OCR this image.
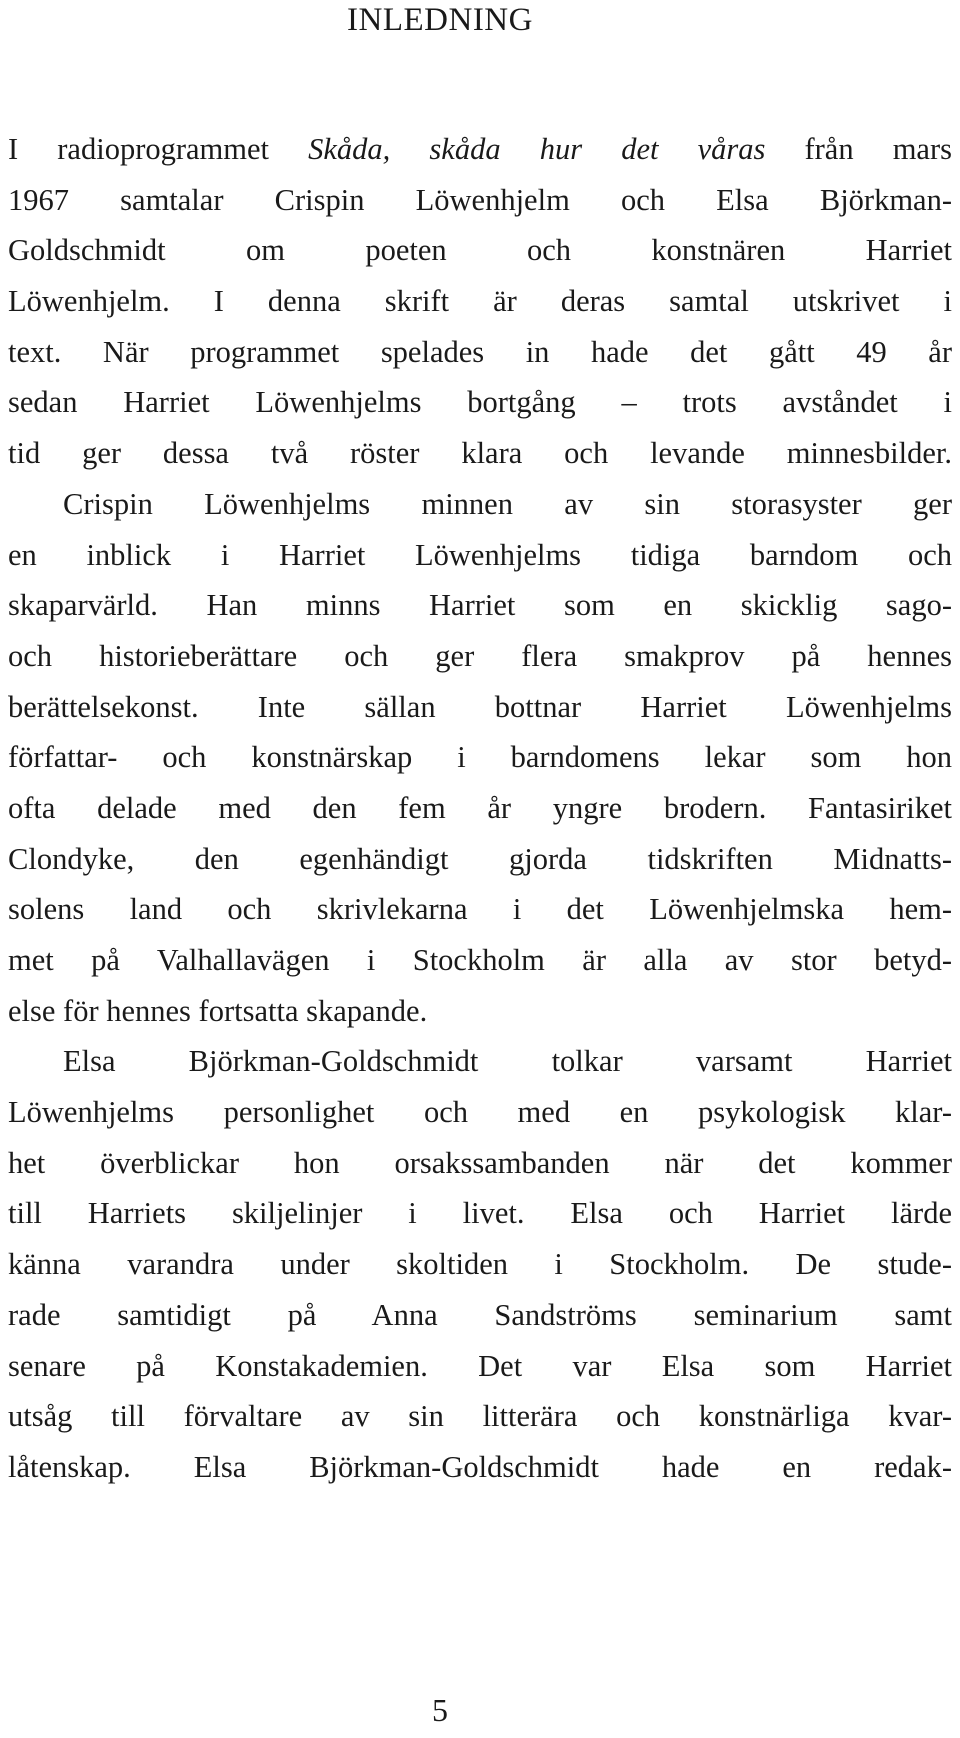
INLEDNING
I radioprogrammet Skåda, skåda hur det våras från mars
1967 samtalar Crispin Löwenhjelm och Elsa Björkman-
Goldschmidt om poeten och konstnären Harriet
Löwenhjelm. I denna skrift är deras samtal utskrivet i
text. När programmet spelades in hade det gått 49 år
sedan Harriet Löwenhjelms bortgång – trots avståndet i
tid ger dessa två röster klara och levande minnesbilder.
Crispin Löwenhjelms minnen av sin storasyster ger
en inblick i Harriet Löwenhjelms tidiga barndom och
skaparvärld. Han minns Harriet som en skicklig sago-
och historieberättare och ger flera smakprov på hennes
berättelsekonst. Inte sällan bottnar Harriet Löwenhjelms
författar- och konstnärskap i barndomens lekar som hon
ofta delade med den fem år yngre brodern. Fantasiriket
Clondyke, den egenhändigt gjorda tidskriften Midnatts-
solens land och skrivlekarna i det Löwenhjelmska hem-
met på Valhallavägen i Stockholm är alla av stor betyd-
else för hennes fortsatta skapande.
Elsa Björkman-Goldschmidt tolkar varsamt Harriet
Löwenhjelms personlighet och med en psykologisk klar-
het överblickar hon orsakssambanden när det kommer
till Harriets skiljelinjer i livet. Elsa och Harriet lärde
känna varandra under skoltiden i Stockholm. De stude-
rade samtidigt på Anna Sandströms seminarium samt
senare på Konstakademien. Det var Elsa som Harriet
utsåg till förvaltare av sin litterära och konstnärliga kvar-
låtenskap. Elsa Björkman-Goldschmidt hade en redak-
5
